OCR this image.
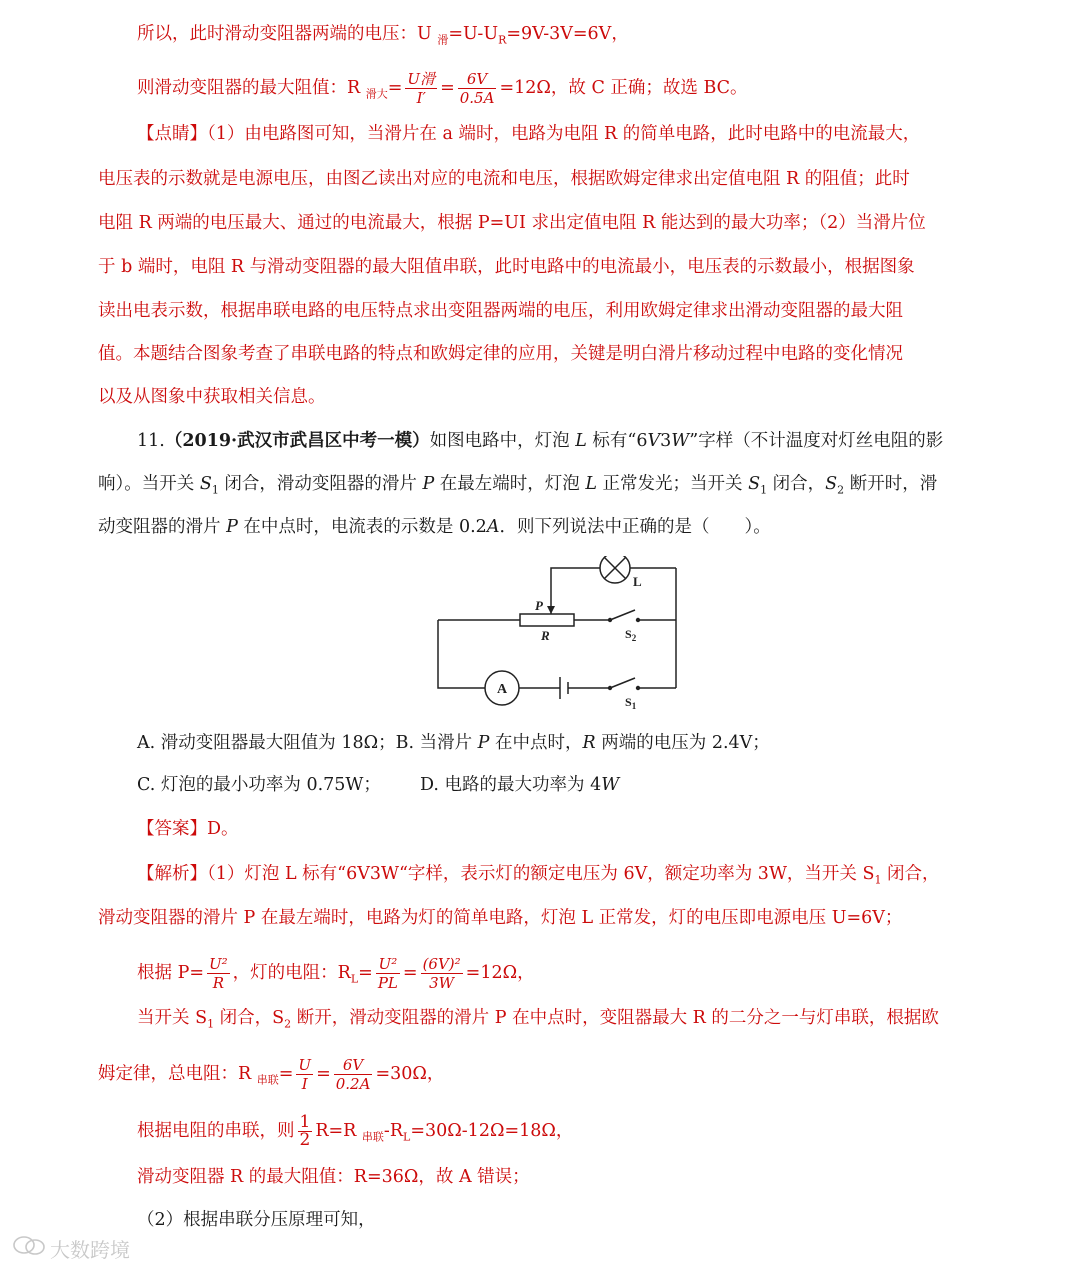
所以，此时滑动变阻器两端的电压：U $_滑=U-U_R=9V-3V=6V$，
则滑动变阻器的最大阻值：R $_{滑大}= \frac{\text{U滑}}{I'} = \frac{6V}{0.5A} =12\Omega$，故 C 正确；故选 BC。
【点睛】（1）由电路图可知，当滑片在 a 端时，电路为电阻 R 的简单电路，此时电路中的电流最大，
电压表的示数就是电源电压，由图乙读出对应的电流和电压，根据欧姆定律求出定值电阻 R 的阻值；此时
电阻 R 两端的电压最大、通过的电流最大，根据 P=UI 求出定值电阻 R 能达到的最大功率；（2）当滑片位
于 b 端时，电阻 R 与滑动变阻器的最大阻值串联，此时电路中的电流最小，电压表的示数最小，根据图象
读出电表示数，根据串联电路的电压特点求出变阻器两端的电压，利用欧姆定律求出滑动变阻器的最大阻
值。本题结合图象考查了串联电路的特点和欧姆定律的应用，关键是明白滑片移动过程中电路的变化情况
以及从图象中获取相关信息。
11.（2019·武汉市武昌区中考一模）如图电路中，灯泡 L 标有“6V3W”字样（不计温度对灯丝电阻的影
响）。当开关 $S_1$ 闭合，滑动变阻器的滑片 P 在最左端时，灯泡 L 正常发光；当开关 $S_1$ 闭合，$S_2$ 断开时，滑
动变阻器的滑片 P 在中点时，电流表的示数是 0.2A．则下列说法中正确的是（　　）。
L
P
R
A
$S_2$
$S_1$
A. 滑动变阻器最大阻值为 18Ω；B. 当滑片 P 在中点时，R 两端的电压为 2.4V；
C. 灯泡的最小功率为 0.75W； D. 电路的最大功率为 4W
【答案】D。
【解析】（1）灯泡 L 标有“6V3W“字样，表示灯的额定电压为 6V，额定功率为 3W，当开关 $S_1$ 闭合，
滑动变阻器的滑片 P 在最左端时，电路为灯的简单电路，灯泡 L 正常发，灯的电压即电源电压 U=6V；
根据 $P= \frac{\text{U²}}{R}$ ，灯的电阻：$R_L= \frac{\text{U²}}{PL} = \frac{\text{(6V)²}}{3W} =12\Omega$，
当开关 $S_1$ 闭合，$S_2$ 断开，滑动变阻器的滑片 P 在中点时，变阻器最大 R 的二分之一与灯串联，根据欧
姆定律，总电阻：R $_{串联}= \frac{U}{I} = \frac{6V}{0.2A} =30\Omega$，
根据电阻的串联，则 $\frac{1}{2} R=R$ $_{串联}-R_L=30\Omega-12\Omega=18\Omega$，
滑动变阻器 R 的最大阻值：R=36Ω，故 A 错误；
（2）根据串联分压原理可知，
大数跨境
